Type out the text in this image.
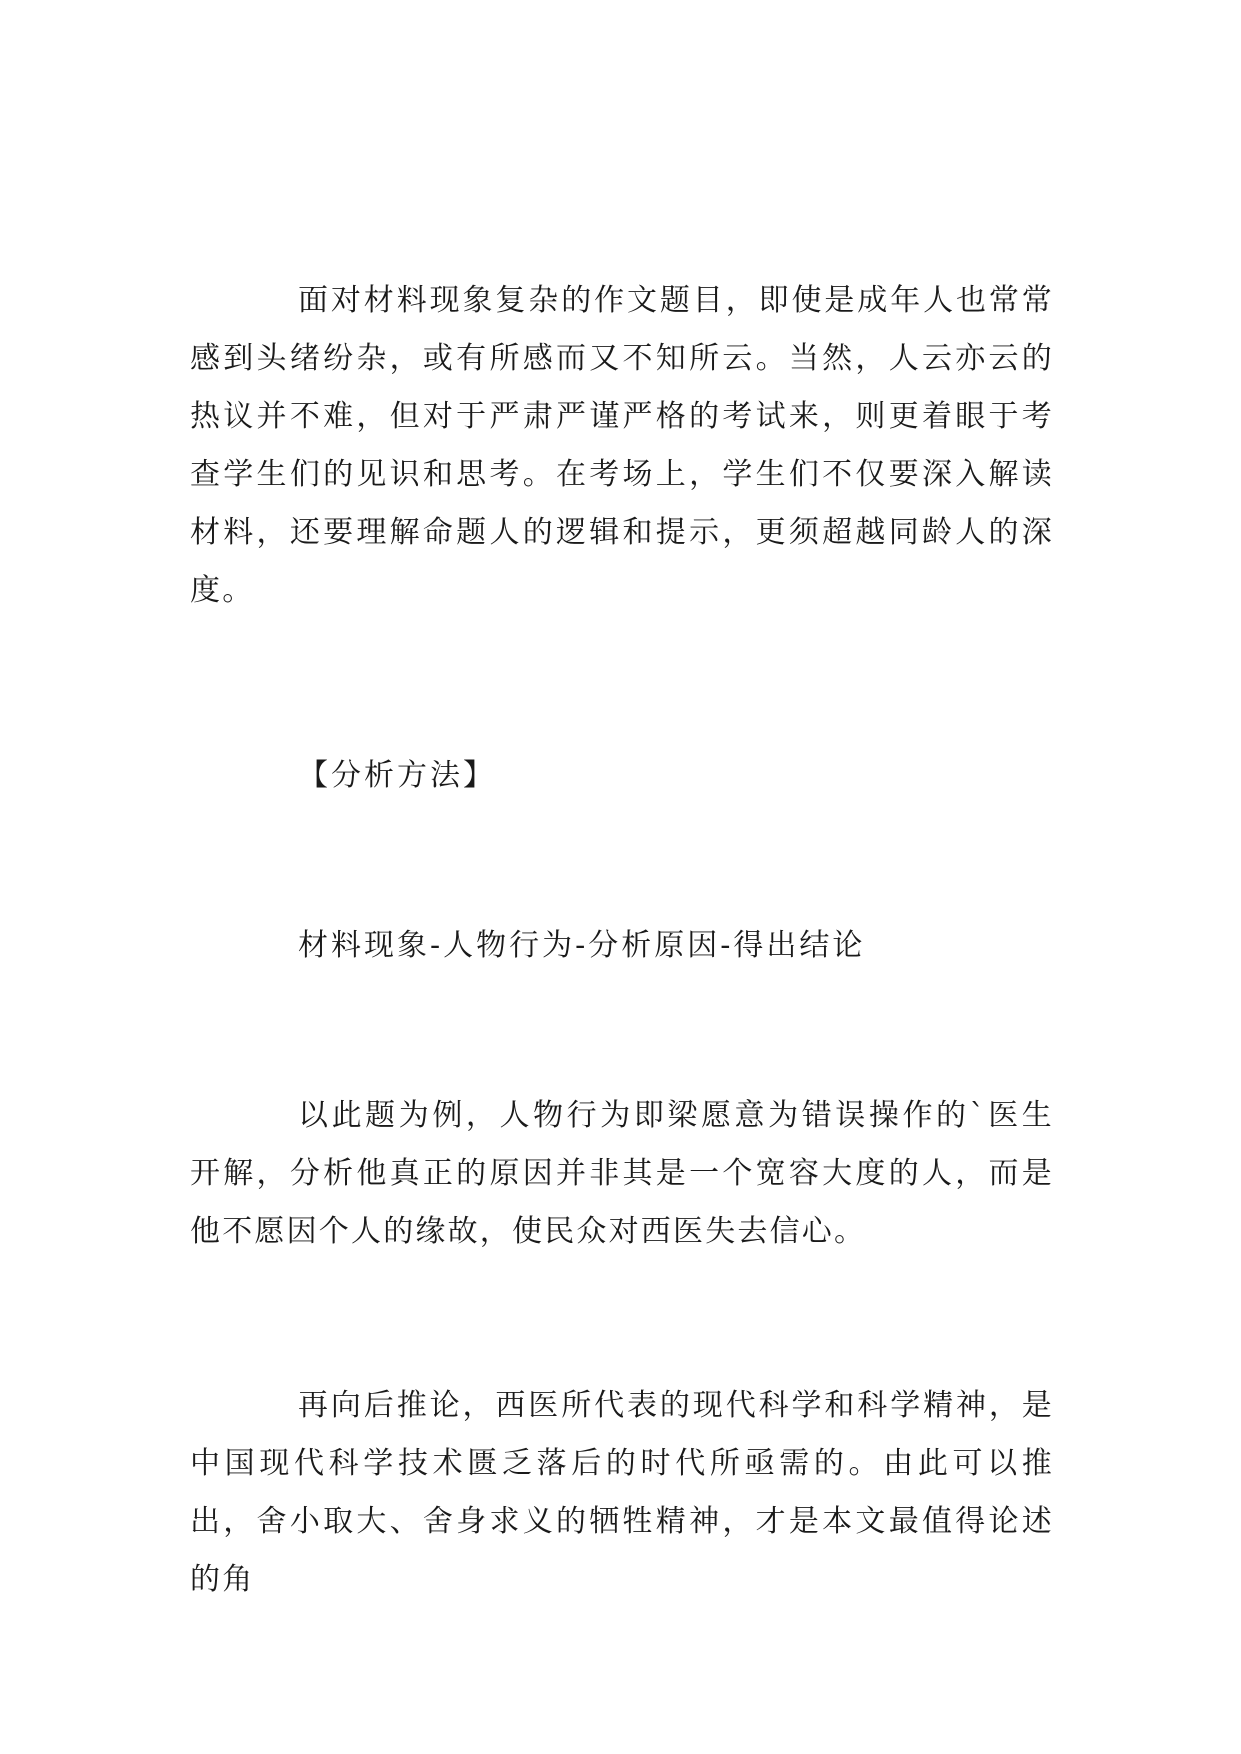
面对材料现象复杂的作文题目，即使是成年人也常常感到头绪纷杂，或有所感而又不知所云。当然，人云亦云的热议并不难，但对于严肃严谨严格的考试来，则更着眼于考查学生们的见识和思考。在考场上，学生们不仅要深入解读材料，还要理解命题人的逻辑和提示，更须超越同龄人的深度。

【分析方法】

材料现象-人物行为-分析原因-得出结论

以此题为例，人物行为即梁愿意为错误操作的`医生开解，分析他真正的原因并非其是一个宽容大度的人，而是他不愿因个人的缘故，使民众对西医失去信心。

再向后推论，西医所代表的现代科学和科学精神，是中国现代科学技术匮乏落后的时代所亟需的。由此可以推出，舍小取大、舍身求义的牺牲精神，才是本文最值得论述的角
